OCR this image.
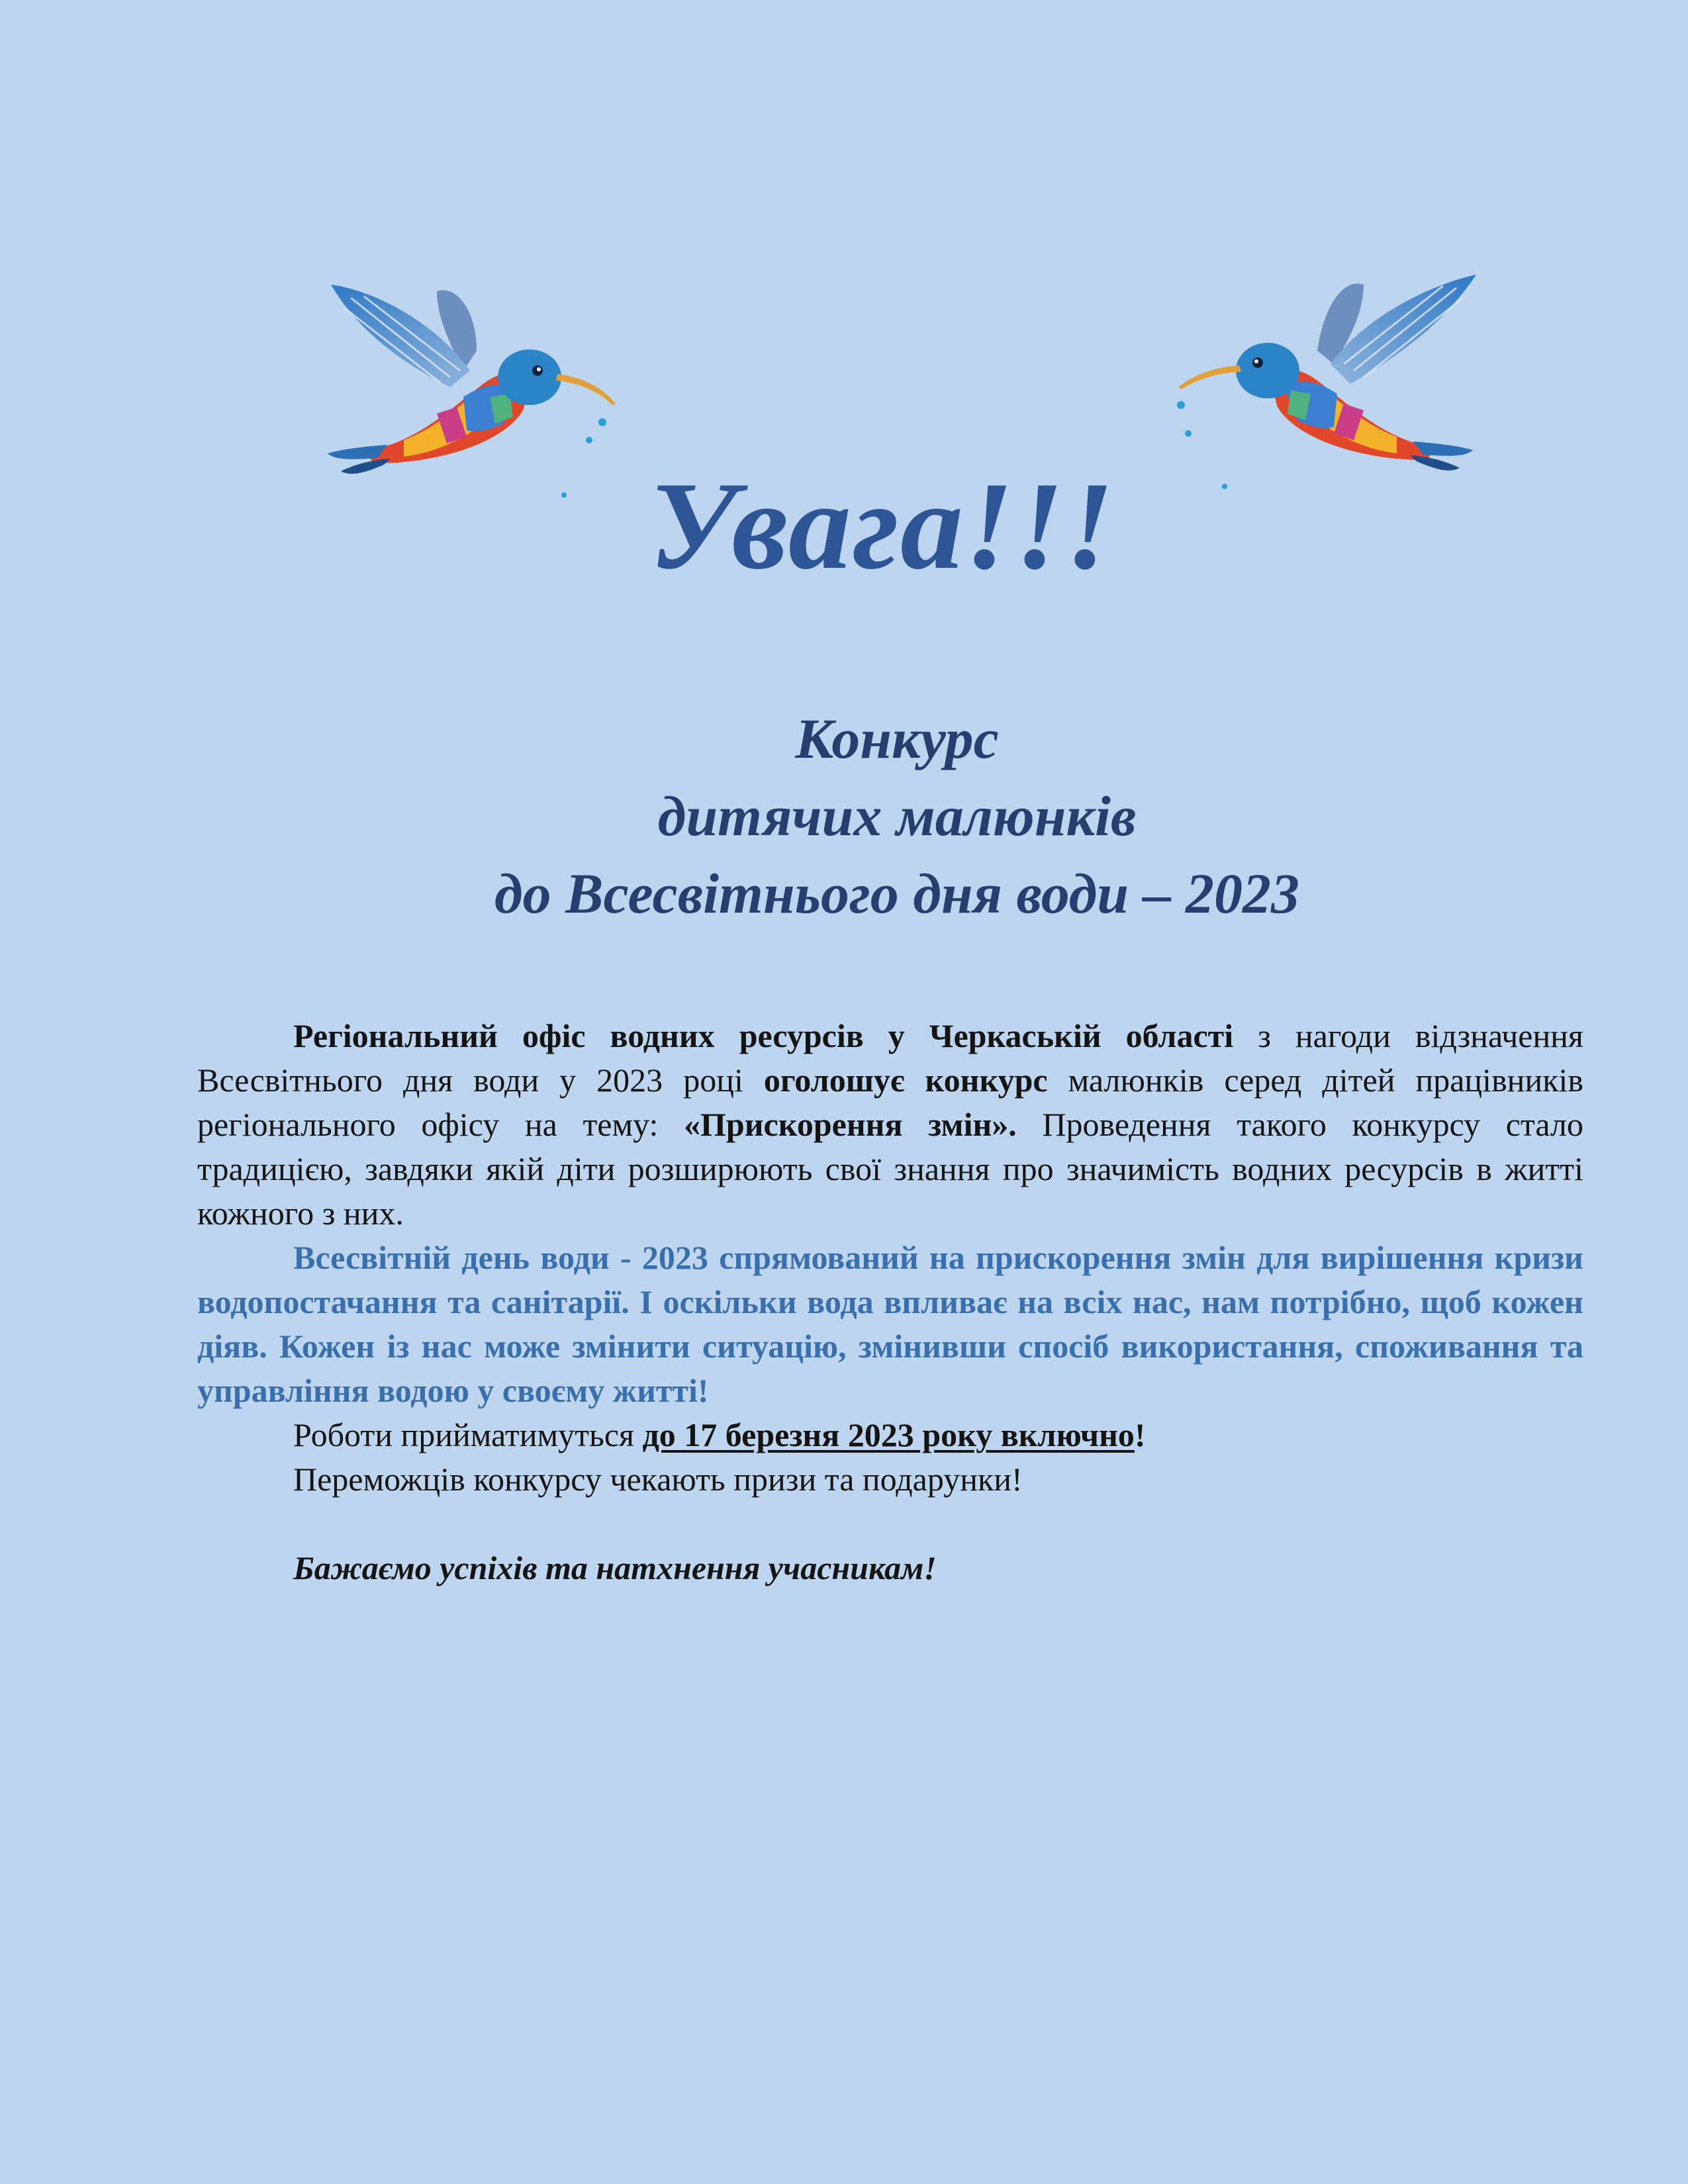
Увага!!!
Конкурс
дитячих малюнків
до Всесвітнього дня води – 2023

Регіональний офіс водних ресурсів у Черкаській області з нагоди відзначення Всесвітнього дня води у 2023 році оголошує конкурс малюнків серед дітей працівників регіонального офісу на тему: «Прискорення змін». Проведення такого конкурсу стало традицією, завдяки якій діти розширюють свої знання про значимість водних ресурсів в житті кожного з них.

Всесвітній день води - 2023 спрямований на прискорення змін для вирішення кризи водопостачання та санітарії. І оскільки вода впливає на всіх нас, нам потрібно, щоб кожен діяв. Кожен із нас може змінити ситуацію, змінивши спосіб використання, споживання та управління водою у своєму житті!

Роботи прийматимуться до 17 березня 2023 року включно!

Переможців конкурсу чекають призи та подарунки!

Бажаємо успіхів та натхнення учасникам!
